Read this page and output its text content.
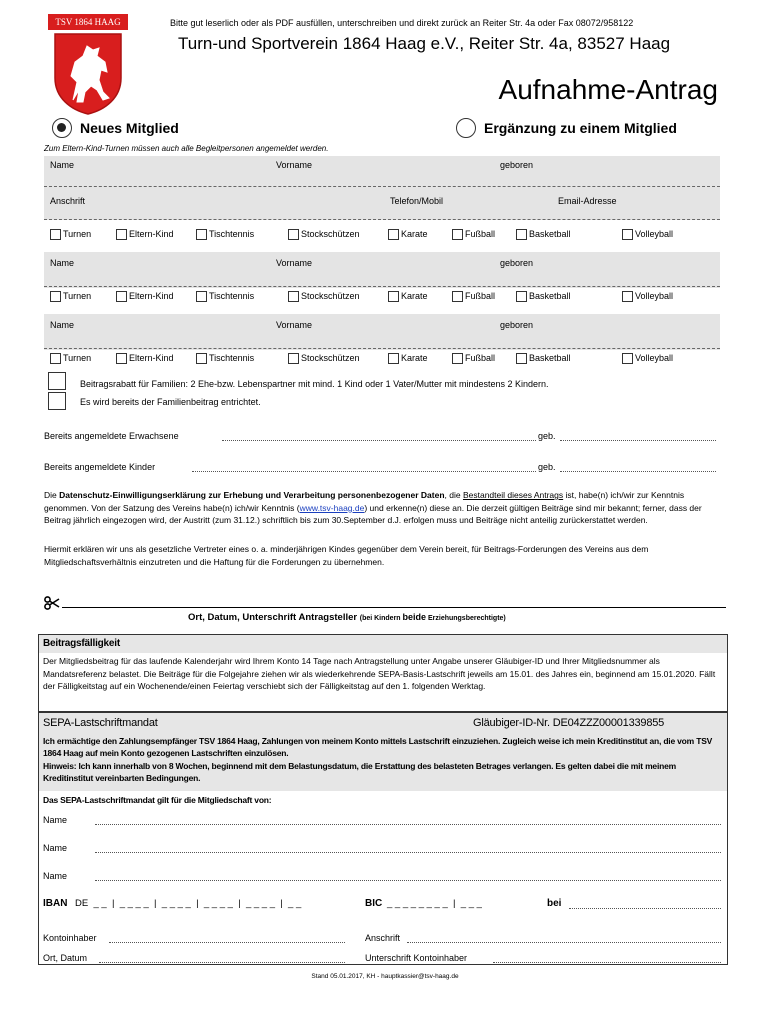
TSV 1864 HAAG	Bitte gut leserlich oder als PDF ausfüllen, unterschreiben und direkt zurück an Reiter Str. 4a oder Fax 08072/958122
Turn-und Sportverein 1864 Haag e.V., Reiter Str. 4a, 83527 Haag
Aufnahme-Antrag
Neues Mitglied	Ergänzung zu einem Mitglied
Zum Eltern-Kind-Turnen müssen auch alle Begleitpersonen angemeldet werden.
Name	Vorname	geboren
Anschrift	Telefon/Mobil	Email-Adresse
Turnen	Eltern-Kind	Tischtennis	Stockschützen	Karate	Fußball	Basketball	Volleyball
Name	Vorname	geboren
Turnen	Eltern-Kind	Tischtennis	Stockschützen	Karate	Fußball	Basketball	Volleyball
Name	Vorname	geboren
Turnen	Eltern-Kind	Tischtennis	Stockschützen	Karate	Fußball	Basketball	Volleyball
Beitragsrabatt für Familien: 2 Ehe-bzw. Lebenspartner mit mind. 1 Kind oder 1 Vater/Mutter mit mindestens 2 Kindern.
Es wird bereits der Familienbeitrag entrichtet.
Bereits angemeldete Erwachsene	geb.
Bereits angemeldete Kinder	geb.
Die Datenschutz-Einwilligungserklärung zur Erhebung und Verarbeitung personenbezogener Daten, die Bestandteil dieses Antrags ist, habe(n) ich/wir zur Kenntnis genommen. Von der Satzung des Vereins habe(n) ich/wir Kenntnis (www.tsv-haag.de) und erkenne(n) diese an. Die derzeit gültigen Beiträge sind mir bekannt; ferner, dass der Beitrag jährlich eingezogen wird, der Austritt (zum 31.12.) schriftlich bis zum 30.September d.J. erfolgen muss und Beiträge nicht anteilig zurückerstattet werden.
Hiermit erklären wir uns als gesetzliche Vertreter eines o. a. minderjährigen Kindes gegenüber dem Verein bereit, für Beitrags-Forderungen des Vereins aus dem Mitgliedschaftsverhältnis einzutreten und die Haftung für die Forderungen zu übernehmen.
Ort, Datum, Unterschrift Antragsteller (bei Kindern beide Erziehungsberechtigte)
Beitragsfälligkeit
Der Mitgliedsbeitrag für das laufende Kalenderjahr wird Ihrem Konto 14 Tage nach Antragstellung unter Angabe unserer Gläubiger-ID und Ihrer Mitgliedsnummer als Mandatsreferenz belastet. Die Beiträge für die Folgejahre ziehen wir als wiederkehrende SEPA-Basis-Lastschrift jeweils am 15.01. des Jahres ein, beginnend am 15.01.2020. Fällt der Fälligkeitstag auf ein Wochenende/einen Feiertag verschiebt sich der Fälligkeitstag auf den 1. folgenden Werktag.
SEPA-Lastschriftmandat	Gläubiger-ID-Nr. DE04ZZZ00001339855
Ich ermächtige den Zahlungsempfänger TSV 1864 Haag, Zahlungen von meinem Konto mittels Lastschrift einzuziehen. Zugleich weise ich mein Kreditinstitut an, die vom TSV 1864 Haag auf mein Konto gezogenen Lastschriften einzulösen.
Hinweis: Ich kann innerhalb von 8 Wochen, beginnend mit dem Belastungsdatum, die Erstattung des belasteten Betrages verlangen. Es gelten dabei die mit meinem Kreditinstitut vereinbarten Bedingungen.
Das SEPA-Lastschriftmandat gilt für die Mitgliedschaft von:
Name
Name
Name
IBAN DE  _ _  |  _ _ _ _  |  _ _ _ _  |  _ _ _ _  |  _ _ _ _  |  _ _	BIC _ _ _ _ _ _ _ _  |  _ _ _	bei
Kontoinhaber	Anschrift
Ort, Datum	Unterschrift Kontoinhaber
Stand 05.01.2017, KH - hauptkassier@tsv-haag.de
